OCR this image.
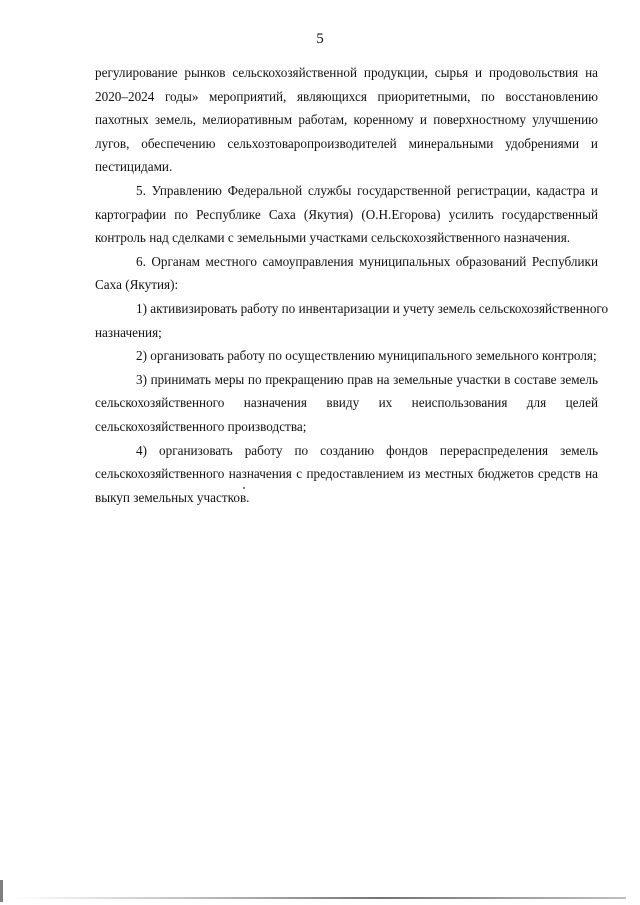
5
регулирование рынков сельскохозяйственной продукции, сырья и продовольствия на
2020–2024 годы» мероприятий, являющихся приоритетными, по восстановлению
пахотных земель, мелиоративным работам, коренному и поверхностному улучшению
лугов, обеспечению сельхозтоваропроизводителей минеральными удобрениями и
пестицидами.
5. Управлению Федеральной службы государственной регистрации, кадастра и
картографии по Республике Саха (Якутия) (О.Н.Егорова) усилить государственный
контроль над сделками с земельными участками сельскохозяйственного назначения.
6. Органам местного самоуправления муниципальных образований Республики
Саха (Якутия):
1) активизировать работу по инвентаризации и учету земель сельскохозяйственного
назначения;
2) организовать работу по осуществлению муниципального земельного контроля;
3) принимать меры по прекращению прав на земельные участки в составе земель
сельскохозяйственного назначения ввиду их неиспользования для целей
сельскохозяйственного производства;
4) организовать работу по созданию фондов перераспределения земель
сельскохозяйственного назначения с предоставлением из местных бюджетов средств на
выкуп земельных участков.
